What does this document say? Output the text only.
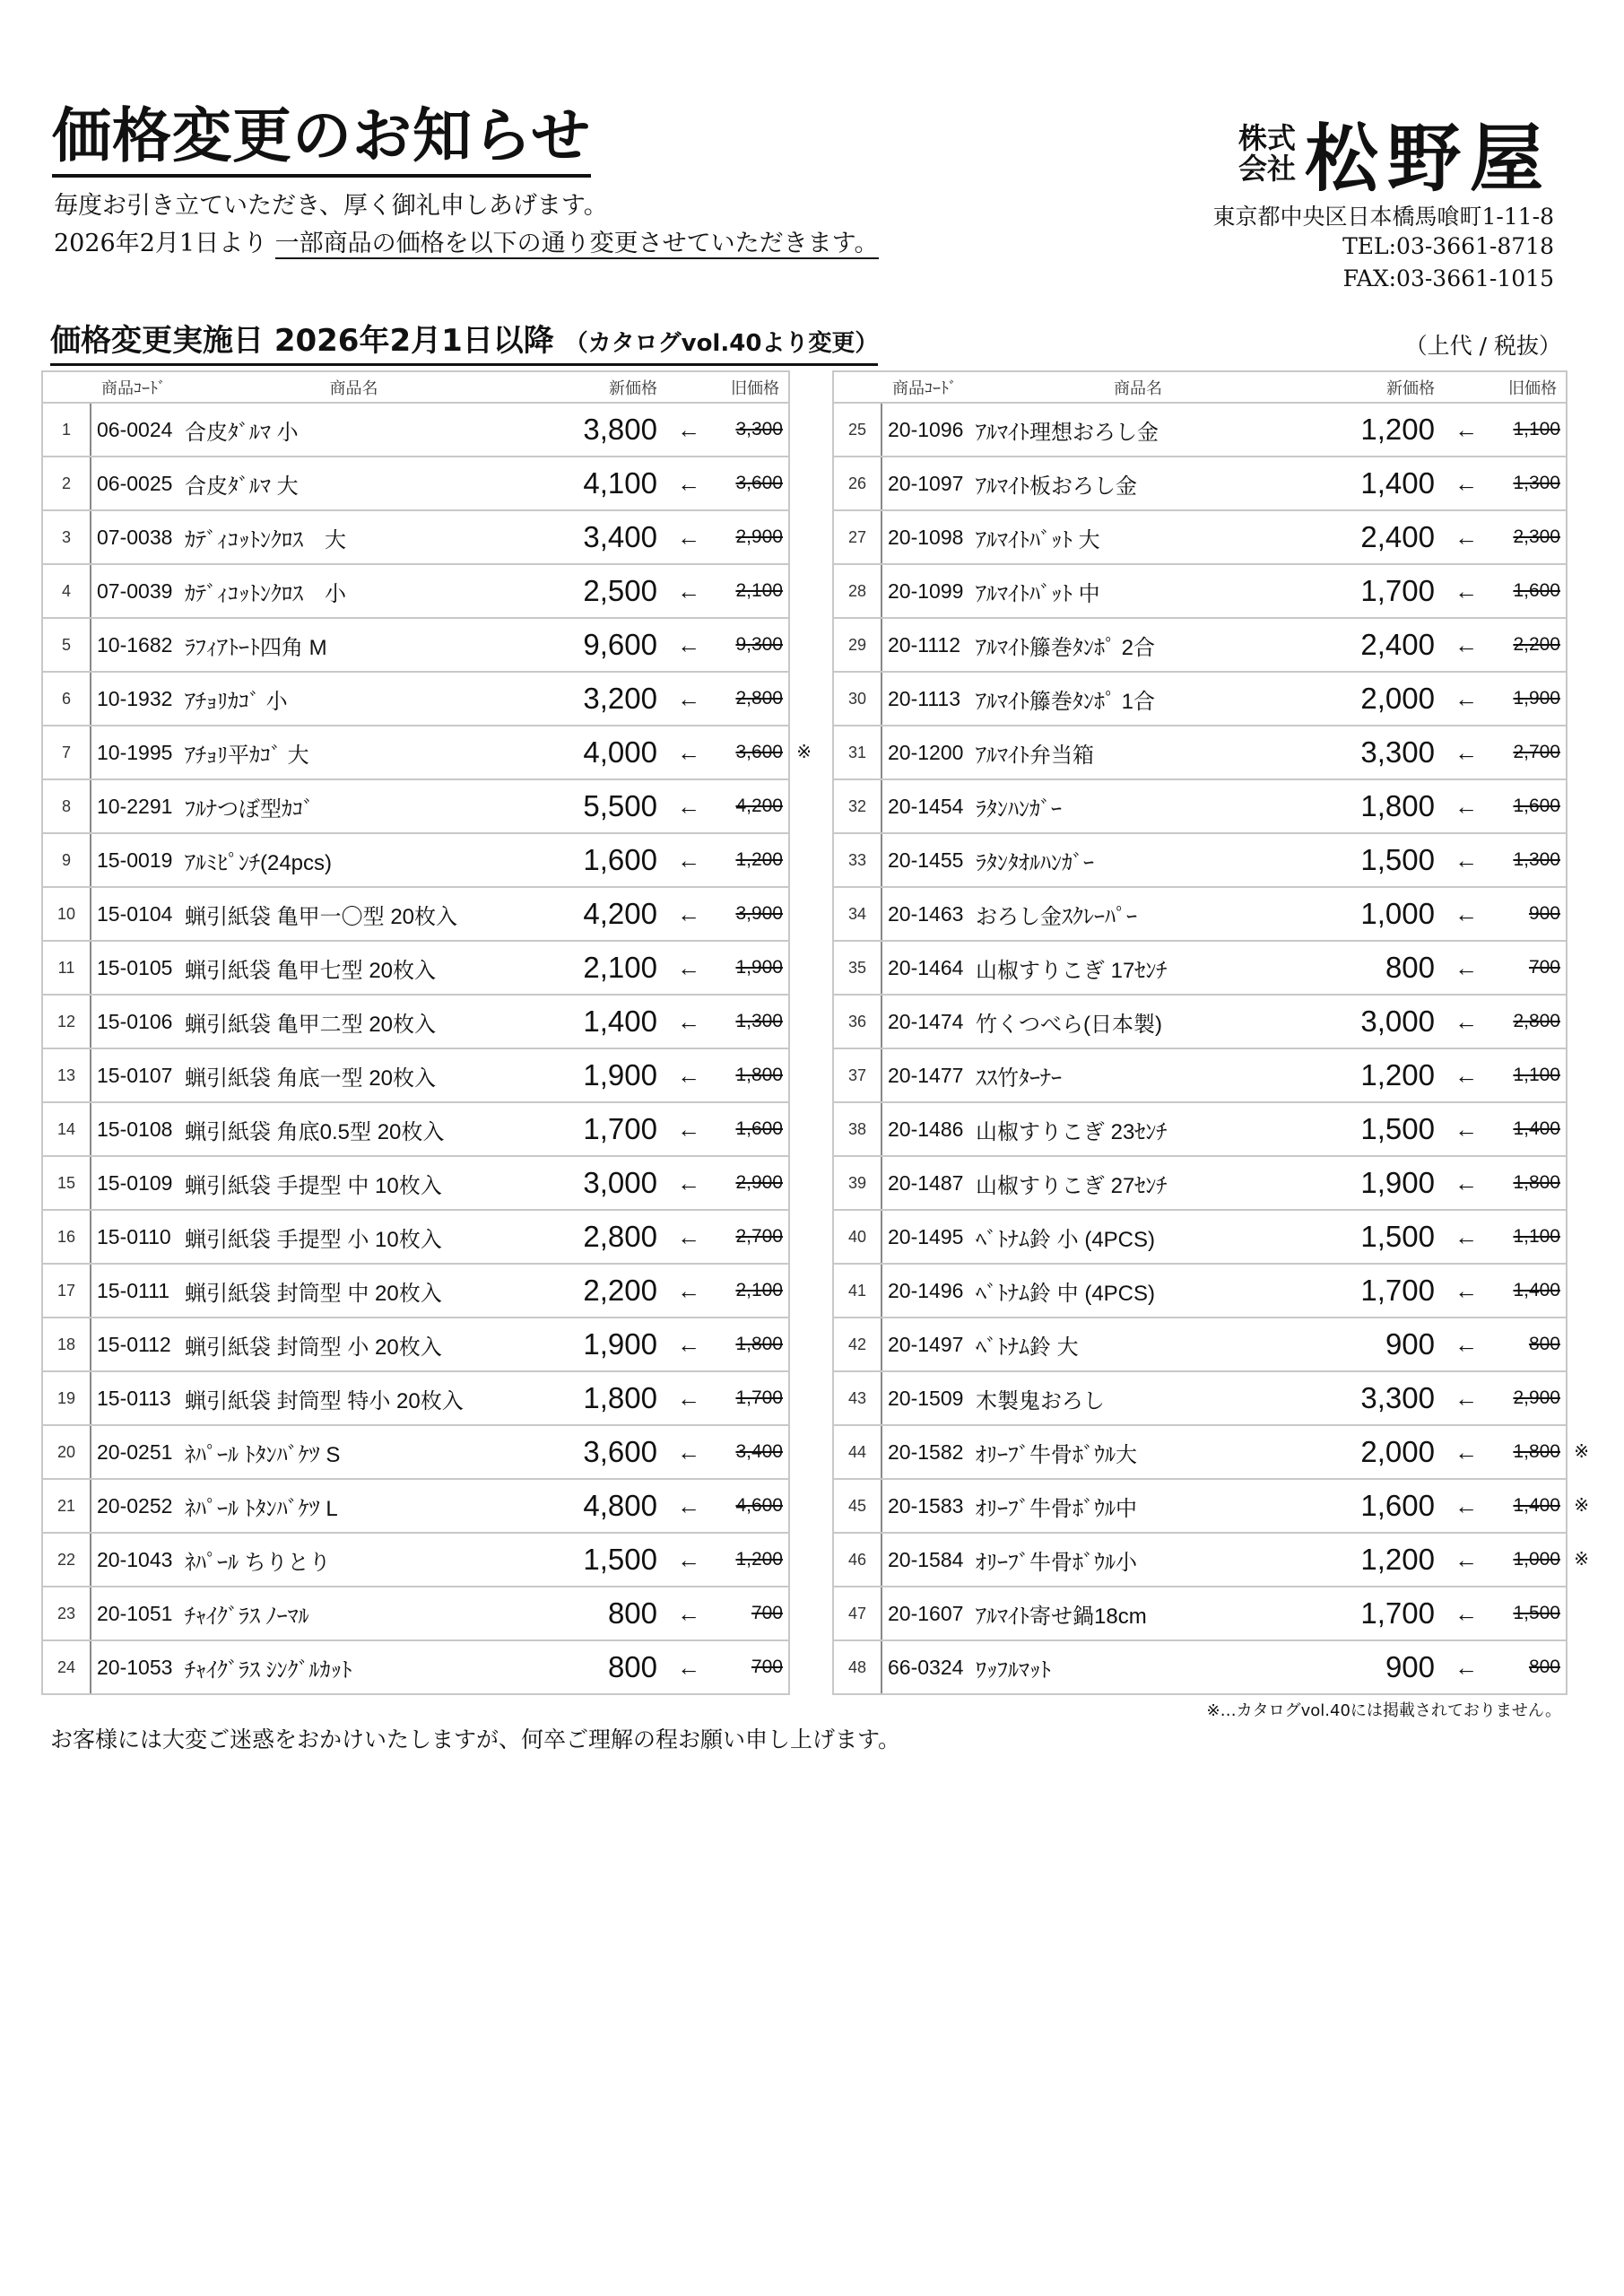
価格変更のお知らせ
毎度お引き立ていただき、厚く御礼申しあげます。
2026年2月1日より 一部商品の価格を以下の通り変更させていただきます。
株 式
会 社 松野屋
東京都中央区日本橋馬喰町1-11-8
TEL:03-3661-8718
FAX:03-3661-1015
価格変更実施日 2026年2月1日以降 （カタログvol.40より変更）	（上代 / 税抜）
	商品ｺｰﾄﾞ	商品名	新価格		旧価格
1	06-0024	合皮ﾀﾞﾙﾏ 小	3,800	←	3,300
2	06-0025	合皮ﾀﾞﾙﾏ 大	4,100	←	3,600
3	07-0038	ｶﾃﾞｨｺｯﾄﾝｸﾛｽ　大	3,400	←	2,900
4	07-0039	ｶﾃﾞｨｺｯﾄﾝｸﾛｽ　小	2,500	←	2,100
5	10-1682	ﾗﾌｨｱﾄｰﾄ四角 M	9,600	←	9,300
6	10-1932	ｱﾁｮﾘｶｺﾞ 小	3,200	←	2,800
7	10-1995	ｱﾁｮﾘ平ｶｺﾞ 大	4,000	←	3,600 ※

8	10-2291	ﾌﾙﾅつぼ型ｶｺﾞ	5,500	←	4,200
9	15-0019	ｱﾙﾐﾋﾟﾝﾁ(24pcs)	1,600	←	1,200
10	15-0104	蝋引紙袋 亀甲一〇型 20枚入	4,200	←	3,900
11	15-0105	蝋引紙袋 亀甲七型 20枚入	2,100	←	1,900
12	15-0106	蝋引紙袋 亀甲二型 20枚入	1,400	←	1,300
13	15-0107	蝋引紙袋 角底一型 20枚入	1,900	←	1,800
14	15-0108	蝋引紙袋 角底0.5型 20枚入	1,700	←	1,600
15	15-0109	蝋引紙袋 手提型 中 10枚入	3,000	←	2,900
16	15-0110	蝋引紙袋 手提型 小 10枚入	2,800	←	2,700
17	15-0111	蝋引紙袋 封筒型 中 20枚入	2,200	←	2,100
18	15-0112	蝋引紙袋 封筒型 小 20枚入	1,900	←	1,800
19	15-0113	蝋引紙袋 封筒型 特小 20枚入	1,800	←	1,700
20	20-0251	ﾈﾊﾟｰﾙ ﾄﾀﾝﾊﾞｹﾂ S	3,600	←	3,400
21	20-0252	ﾈﾊﾟｰﾙ ﾄﾀﾝﾊﾞｹﾂ L	4,800	←	4,600
22	20-1043	ﾈﾊﾟｰﾙ ちりとり	1,500	←	1,200
23	20-1051	ﾁｬｲｸﾞﾗｽ ﾉｰﾏﾙ	800	←	700
24	20-1053	ﾁｬｲｸﾞﾗｽ ｼﾝｸﾞﾙｶｯﾄ	800	←	700
	商品ｺｰﾄﾞ	商品名	新価格		旧価格
25	20-1096	ｱﾙﾏｲﾄ理想おろし金	1,200	←	1,100
26	20-1097	ｱﾙﾏｲﾄ板おろし金	1,400	←	1,300
27	20-1098	ｱﾙﾏｲﾄﾊﾞｯﾄ 大	2,400	←	2,300
28	20-1099	ｱﾙﾏｲﾄﾊﾞｯﾄ 中	1,700	←	1,600
29	20-1112	ｱﾙﾏｲﾄ籐巻ﾀﾝﾎﾟ 2合	2,400	←	2,200
30	20-1113	ｱﾙﾏｲﾄ籐巻ﾀﾝﾎﾟ 1合	2,000	←	1,900
31	20-1200	ｱﾙﾏｲﾄ弁当箱	3,300	←	2,700
32	20-1454	ﾗﾀﾝﾊﾝｶﾞｰ	1,800	←	1,600
33	20-1455	ﾗﾀﾝﾀｵﾙﾊﾝｶﾞｰ	1,500	←	1,300
34	20-1463	おろし金ｽｸﾚｰﾊﾟｰ	1,000	←	900
35	20-1464	山椒すりこぎ 17ｾﾝﾁ	800	←	700
36	20-1474	竹くつべら(日本製)	3,000	←	2,800
37	20-1477	ｽｽ竹ﾀｰﾅｰ	1,200	←	1,100
38	20-1486	山椒すりこぎ 23ｾﾝﾁ	1,500	←	1,400
39	20-1487	山椒すりこぎ 27ｾﾝﾁ	1,900	←	1,800
40	20-1495	ﾍﾞﾄﾅﾑ鈴 小 (4PCS)	1,500	←	1,100
41	20-1496	ﾍﾞﾄﾅﾑ鈴 中 (4PCS)	1,700	←	1,400
42	20-1497	ﾍﾞﾄﾅﾑ鈴 大	900	←	800
43	20-1509	木製鬼おろし	3,300	←	2,900
44	20-1582	ｵﾘｰﾌﾞ牛骨ﾎﾞｳﾙ大	2,000	←	1,800 ※

45	20-1583	ｵﾘｰﾌﾞ牛骨ﾎﾞｳﾙ中	1,600	←	1,400 ※

46	20-1584	ｵﾘｰﾌﾞ牛骨ﾎﾞｳﾙ小	1,200	←	1,000 ※

47	20-1607	ｱﾙﾏｲﾄ寄せ鍋18cm	1,700	←	1,500
48	66-0324	ﾜｯﾌﾙﾏｯﾄ	900	←	800
※…カタログvol.40には掲載されておりません。
お客様には大変ご迷惑をおかけいたしますが、何卒ご理解の程お願い申し上げます。
